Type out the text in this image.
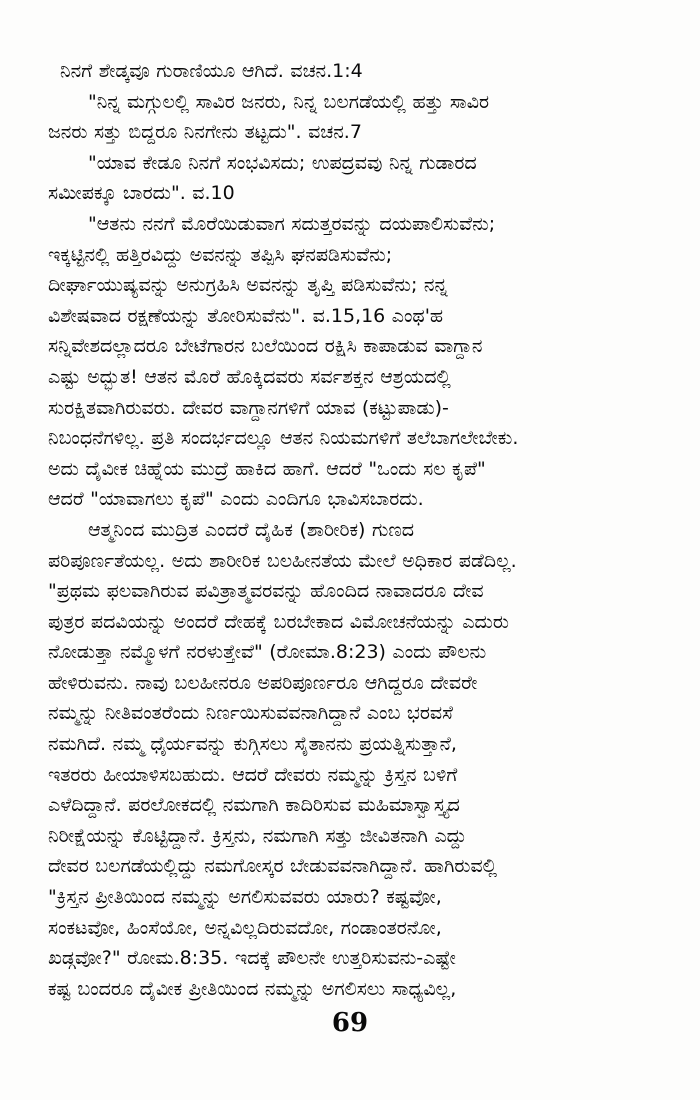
ನಿನಗೆ ಶೇಡ್ಕವೂ ಗುರಾಣಿಯೂ ಆಗಿದೆ. ವಚನ.1:4
"ನಿನ್ನ ಮಗ್ಗುಲಲ್ಲಿ ಸಾವಿರ ಜನರು, ನಿನ್ನ ಬಲಗಡೆಯಲ್ಲಿ ಹತ್ತು ಸಾವಿರ
ಜನರು ಸತ್ತು ಬಿದ್ದರೂ ನಿನಗೇನು ತಟ್ಟದು". ವಚನ.7
"ಯಾವ ಕೇಡೂ ನಿನಗೆ ಸಂಭವಿಸದು; ಉಪದ್ರವವು ನಿನ್ನ ಗುಡಾರದ
ಸಮೀಪಕ್ಕೂ ಬಾರದು". ವ.10
"ಆತನು ನನಗೆ ಮೊರೆಯಿಡುವಾಗ ಸದುತ್ತರವನ್ನು ದಯಪಾಲಿಸುವೆನು;
ಇಕ್ಕಟ್ಟಿನಲ್ಲಿ ಹತ್ತಿರವಿದ್ದು ಅವನನ್ನು ತಪ್ಪಿಸಿ ಘನಪಡಿಸುವೆನು;
ದೀರ್ಘಾಯುಷ್ಯವನ್ನು ಅನುಗ್ರಹಿಸಿ ಅವನನ್ನು ತೃಪ್ತಿ ಪಡಿಸುವೆನು; ನನ್ನ
ವಿಶೇಷವಾದ ರಕ್ಷಣೆಯನ್ನು ತೋರಿಸುವೆನು". ವ.15,16 ಎಂಥ'ಹ
ಸನ್ನಿವೇಶದಲ್ಲಾದರೂ ಬೇಟೆಗಾರನ ಬಲೆಯಿಂದ ರಕ್ಷಿಸಿ ಕಾಪಾಡುವ ವಾಗ್ದಾನ
ಎಷ್ಟು ಅದ್ಭುತ! ಆತನ ಮೊರೆ ಹೊಕ್ಕಿದವರು ಸರ್ವಶಕ್ತನ ಆಶ್ರಯದಲ್ಲಿ
ಸುರಕ್ಷಿತವಾಗಿರುವರು. ದೇವರ ವಾಗ್ದಾನಗಳಿಗೆ ಯಾವ (ಕಟ್ಟುಪಾಡು)-
ನಿಬಂಧನೆಗಳಿಲ್ಲ. ಪ್ರತಿ ಸಂದರ್ಭದಲ್ಲೂ ಆತನ ನಿಯಮಗಳಿಗೆ ತಲೆಬಾಗಲೇಬೇಕು.
ಅದು ದೈವೀಕ ಚಿಹ್ನೆಯ ಮುದ್ರೆ ಹಾಕಿದ ಹಾಗೆ. ಆದರೆ "ಒಂದು ಸಲ ಕೃಪೆ"
ಆದರೆ "ಯಾವಾಗಲು ಕೃಪೆ" ಎಂದು ಎಂದಿಗೂ ಭಾವಿಸಬಾರದು.
ಆತ್ಮನಿಂದ ಮುದ್ರಿತ ಎಂದರೆ ದೈಹಿಕ (ಶಾರೀರಿಕ) ಗುಣದ
ಪರಿಪೂರ್ಣತೆಯಲ್ಲ. ಅದು ಶಾರೀರಿಕ ಬಲಹೀನತೆಯ ಮೇಲೆ ಅಧಿಕಾರ ಪಡೆದಿಲ್ಲ.
"ಪ್ರಥಮ ಫಲವಾಗಿರುವ ಪವಿತ್ರಾತ್ಮವರವನ್ನು ಹೊಂದಿದ ನಾವಾದರೂ ದೇವ
ಪುತ್ರರ ಪದವಿಯನ್ನು ಅಂದರೆ ದೇಹಕ್ಕೆ ಬರಬೇಕಾದ ವಿಮೋಚನೆಯನ್ನು ಎದುರು
ನೋಡುತ್ತಾ ನಮ್ಮೊಳಗೆ ನರಳುತ್ತೇವೆ" (ರೋಮಾ.8:23) ಎಂದು ಪೌಲನು
ಹೇಳಿರುವನು. ನಾವು ಬಲಹೀನರೂ ಅಪರಿಪೂರ್ಣರೂ ಆಗಿದ್ದರೂ ದೇವರೇ
ನಮ್ಮನ್ನು ನೀತಿವಂತರೆಂದು ನಿರ್ಣಯಿಸುವವನಾಗಿದ್ದಾನೆ ಎಂಬ ಭರವಸೆ
ನಮಗಿದೆ. ನಮ್ಮ ಧೈರ್ಯವನ್ನು ಕುಗ್ಗಿಸಲು ಸೈತಾನನು ಪ್ರಯತ್ನಿಸುತ್ತಾನೆ,
ಇತರರು ಹೀಯಾಳಿಸಬಹುದು. ಆದರೆ ದೇವರು ನಮ್ಮನ್ನು ಕ್ರಿಸ್ತನ ಬಳಿಗೆ
ಎಳೆದಿದ್ದಾನೆ. ಪರಲೋಕದಲ್ಲಿ ನಮಗಾಗಿ ಕಾದಿರಿಸುವ ಮಹಿಮಾಸ್ವಾಸ್ತ್ಯದ
ನಿರೀಕ್ಷೆಯನ್ನು ಕೊಟ್ಟಿದ್ದಾನೆ. ಕ್ರಿಸ್ತನು, ನಮಗಾಗಿ ಸತ್ತು ಜೀವಿತನಾಗಿ ಎದ್ದು
ದೇವರ ಬಲಗಡೆಯಲ್ಲಿದ್ದು ನಮಗೋಸ್ಕರ ಬೇಡುವವನಾಗಿದ್ದಾನೆ. ಹಾಗಿರುವಲ್ಲಿ
"ಕ್ರಿಸ್ತನ ಪ್ರೀತಿಯಿಂದ ನಮ್ಮನ್ನು ಅಗಲಿಸುವವರು ಯಾರು? ಕಷ್ಟವೋ,
ಸಂಕಟವೋ, ಹಿಂಸೆಯೋ, ಅನ್ನವಿಲ್ಲದಿರುವದೋ, ಗಂಡಾಂತರನೋ,
ಖಡ್ಗವೋ?" ರೋಮ.8:35. ಇದಕ್ಕೆ ಪೌಲನೇ ಉತ್ತರಿಸುವನು-ಎಷ್ಟೇ
ಕಷ್ಟ ಬಂದರೂ ದೈವೀಕ ಪ್ರೀತಿಯಿಂದ ನಮ್ಮನ್ನು ಅಗಲಿಸಲು ಸಾಧ್ಯವಿಲ್ಲ,
69
